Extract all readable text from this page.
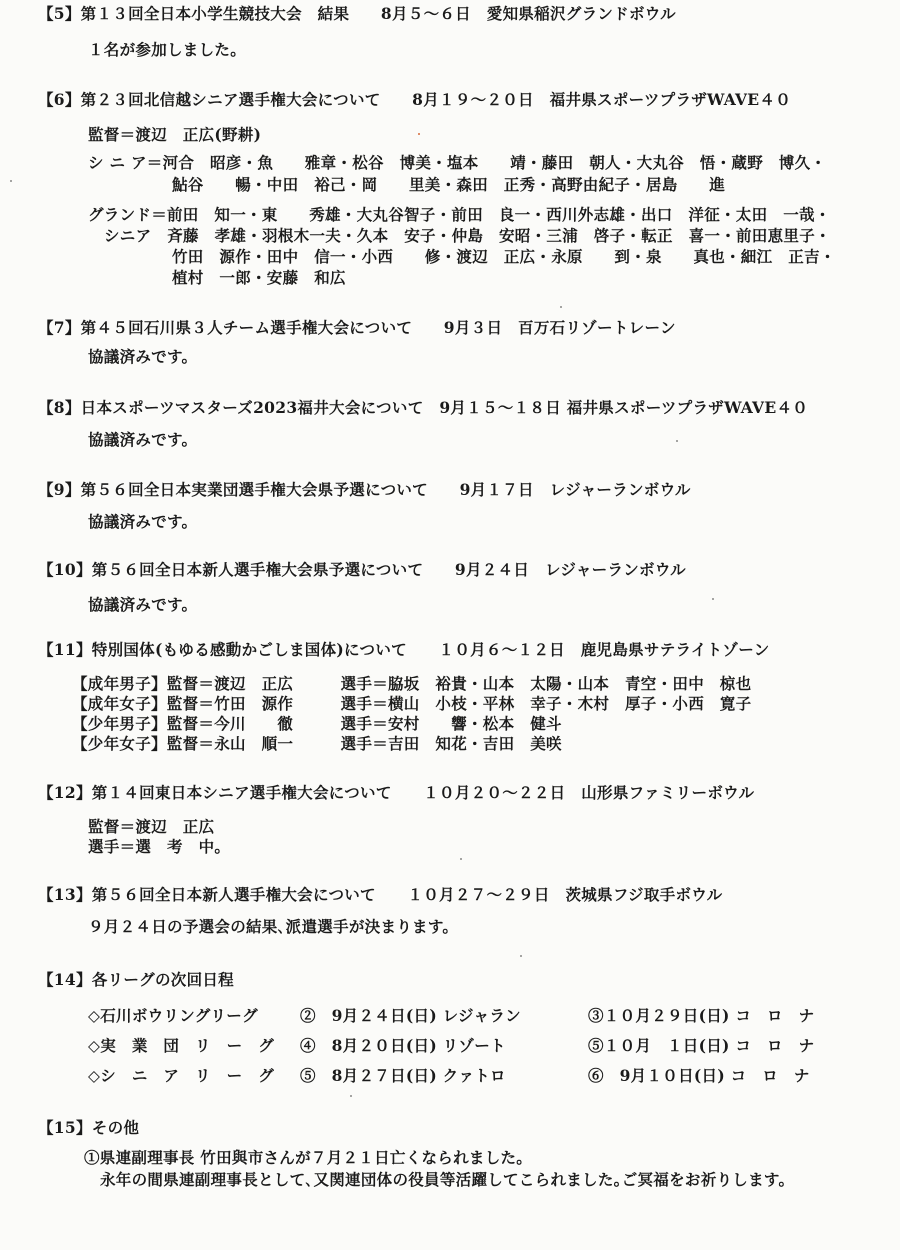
【5】第１３回全日本小学生競技大会　結果　　8月５～６日　愛知県稲沢グランドボウル
１名が参加しました。
【6】第２３回北信越シニア選手権大会について　　8月１９～２０日　福井県スポーツプラザWAVE４０
監督＝渡辺　正広(野耕)
シ ニ ア＝河合　昭彦・魚　　雅章・松谷　博美・塩本　　靖・藤田　朝人・大丸谷　悟・蔵野　博久・
鮎谷　　暢・中田　裕己・岡　　里美・森田　正秀・高野由紀子・居島　　進
グランド＝前田　知一・東　　秀雄・大丸谷智子・前田　良一・西川外志雄・出口　洋征・太田　一哉・
シニア　斉藤　孝雄・羽根木一夫・久本　安子・仲島　安昭・三浦　啓子・転正　喜一・前田恵里子・
竹田　源作・田中　信一・小西　　修・渡辺　正広・永原　　到・泉　　真也・細江　正吉・
植村　一郎・安藤　和広
【7】第４５回石川県３人チーム選手権大会について　　9月３日　百万石リゾートレーン
協議済みです。
【8】日本スポーツマスターズ2023福井大会について　9月１５～１８日 福井県スポーツプラザWAVE４０
協議済みです。
【9】第５６回全日本実業団選手権大会県予選について　　9月１７日　レジャーランボウル
協議済みです。
【10】第５６回全日本新人選手権大会県予選について　　9月２４日　レジャーランボウル
協議済みです。
【11】特別国体(もゆる感動かごしま国体)について　　１０月６～１２日　鹿児島県サテライトゾーン
【成年男子】監督＝渡辺　正広　　　選手＝脇坂　裕貴・山本　太陽・山本　青空・田中　椋也
【成年女子】監督＝竹田　源作　　　選手＝横山　小枝・平林　幸子・木村　厚子・小西　寛子
【少年男子】監督＝今川　　徹　　　選手＝安村　　響・松本　健斗
【少年女子】監督＝永山　順一　　　選手＝吉田　知花・吉田　美咲
【12】第１４回東日本シニア選手権大会について　　１０月２０～２２日　山形県ファミリーボウル
監督＝渡辺　正広
選手＝選　考　中。
【13】第５６回全日本新人選手権大会について　　１０月２７～２９日　茨城県フジ取手ボウル
９月２４日の予選会の結果､派遣選手が決まります。
【14】各リーグの次回日程
◇石川ボウリングリーグ	②　9月２４日(日) レジャラン	③１０月２９日(日) コ　ロ　ナ
◇実　業　団　リ　ー　グ ④　8月２０日(日) リゾート	⑤１０月　１日(日) コ　ロ　ナ
◇シ　ニ　ア　リ　ー　グ ⑤　8月２７日(日) クァトロ	⑥　9月１０日(日) コ　ロ　ナ
【15】その他
①県連副理事長 竹田與市さんが７月２１日亡くなられました。
永年の間県連副理事長として､又関連団体の役員等活躍してこられました｡ご冥福をお祈りします。
